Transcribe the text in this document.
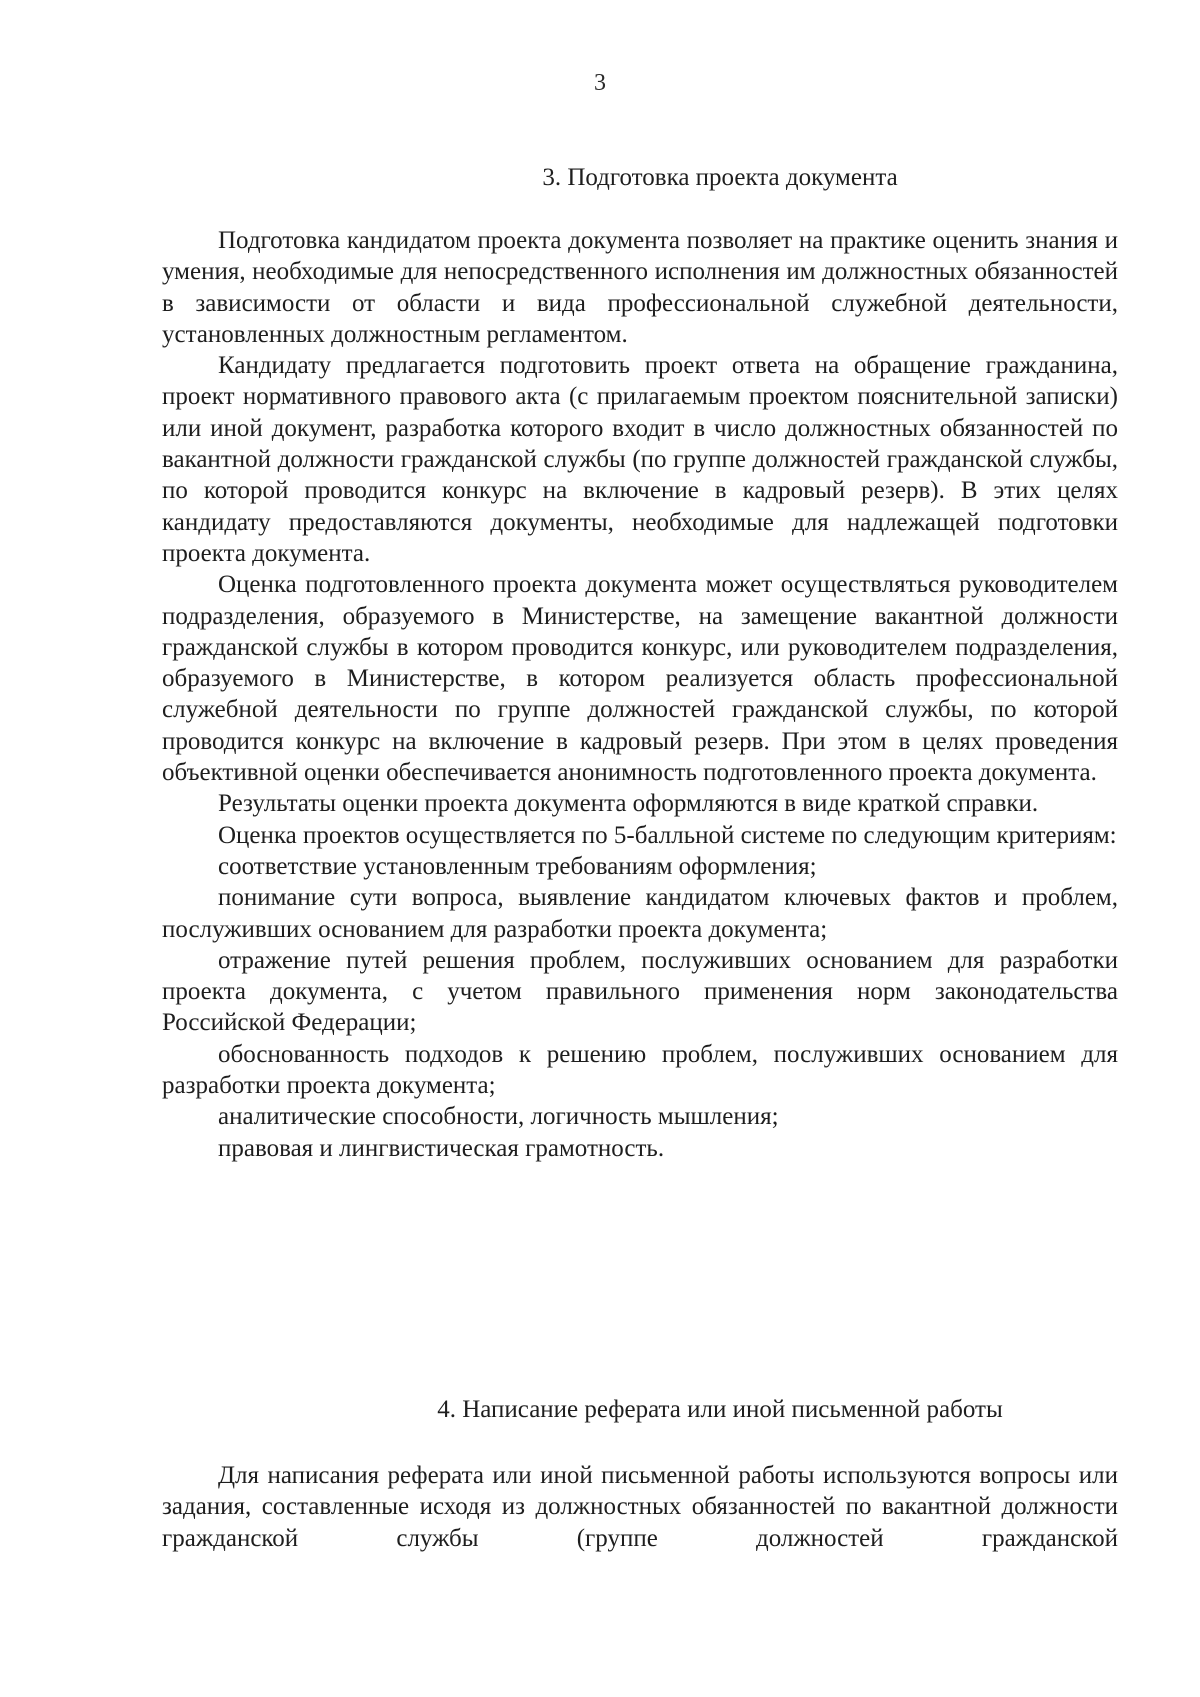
3
3. Подготовка проекта документа

Подготовка кандидатом проекта документа позволяет на практике оценить знания и умения, необходимые для непосредственного исполнения им должностных обязанностей в зависимости от области и вида профессиональной служебной деятельности, установленных должностным регламентом.

Кандидату предлагается подготовить проект ответа на обращение гражданина, проект нормативного правового акта (с прилагаемым проектом пояснительной записки) или иной документ, разработка которого входит в число должностных обязанностей по вакантной должности гражданской службы (по группе должностей гражданской службы, по которой проводится конкурс на включение в кадровый резерв). В этих целях кандидату предоставляются документы, необходимые для надлежащей подготовки проекта документа.

Оценка подготовленного проекта документа может осуществляться руководителем подразделения, образуемого в Министерстве, на замещение вакантной должности гражданской службы в котором проводится конкурс, или руководителем подразделения, образуемого в Министерстве, в котором реализуется область профессиональной служебной деятельности по группе должностей гражданской службы, по которой проводится конкурс на включение в кадровый резерв. При этом в целях проведения объективной оценки обеспечивается анонимность подготовленного проекта документа.

Результаты оценки проекта документа оформляются в виде краткой справки.

Оценка проектов осуществляется по 5-балльной системе по следующим критериям:

соответствие установленным требованиям оформления;

понимание сути вопроса, выявление кандидатом ключевых фактов и проблем, послуживших основанием для разработки проекта документа;

отражение путей решения проблем, послуживших основанием для разработки проекта документа, с учетом правильного применения норм законодательства Российской Федерации;

обоснованность подходов к решению проблем, послуживших основанием для разработки проекта документа;

аналитические способности, логичность мышления;

правовая и лингвистическая грамотность.

4. Написание реферата или иной письменной работы

Для написания реферата или иной письменной работы используются вопросы или задания, составленные исходя из должностных обязанностей по вакантной должности гражданской службы (группе должностей гражданской
